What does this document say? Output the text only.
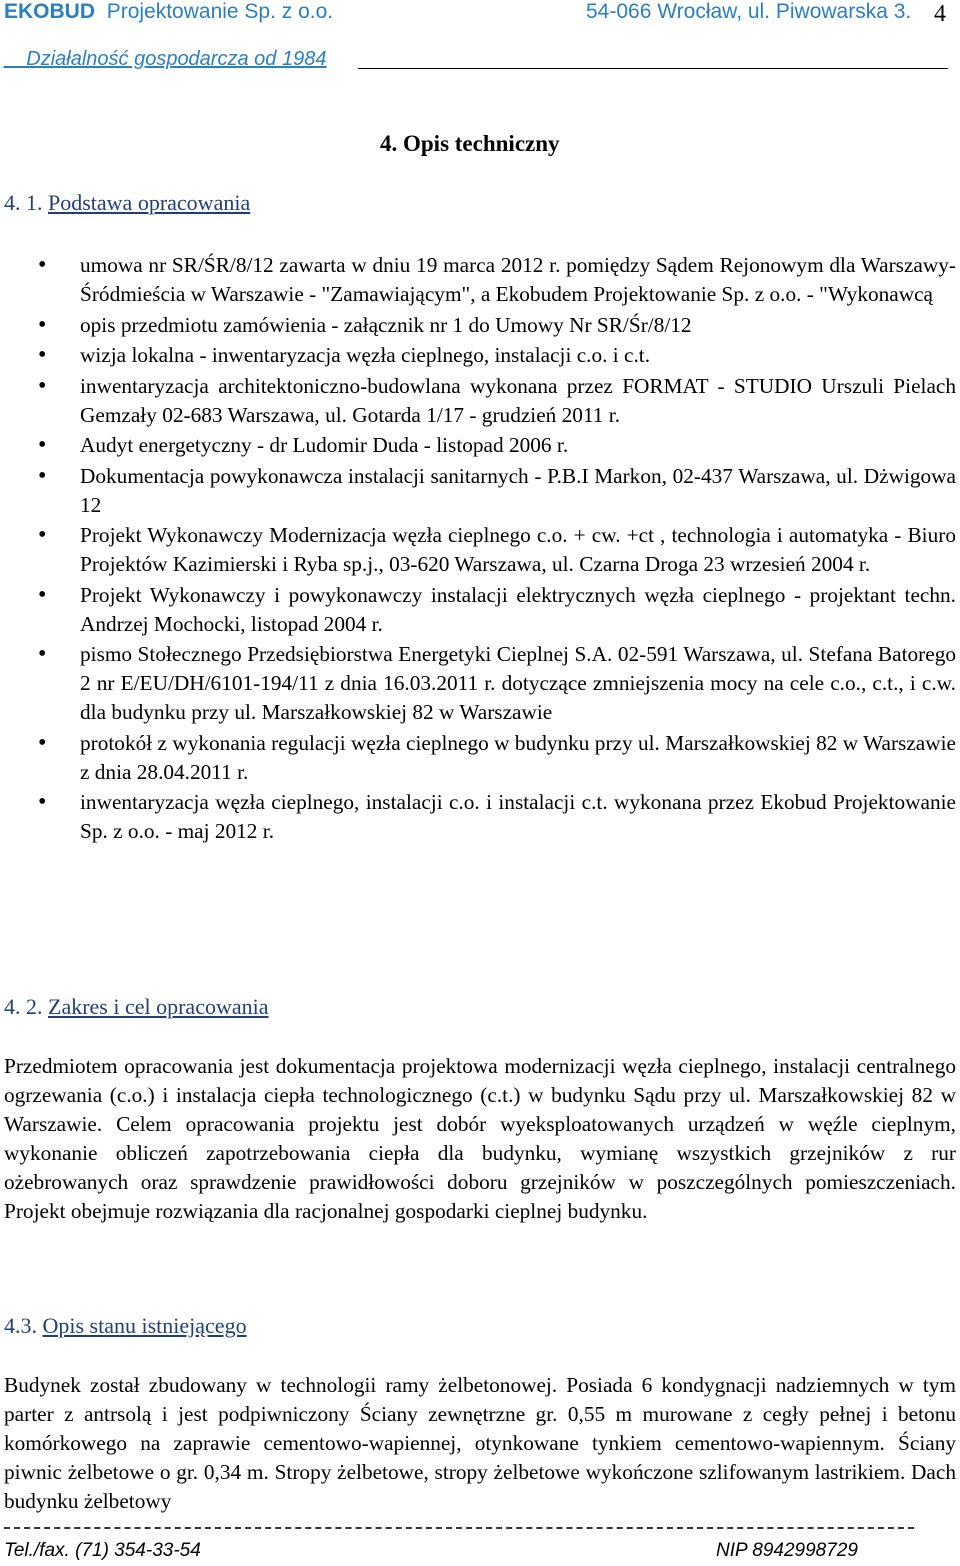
EKOBUD Projektowanie Sp. z o.o.	54-066 Wrocław, ul. Piwowarska 3. 4
__Działalność gospodarcza od 1984
4. Opis techniczny
4. 1. Podstawa opracowania
• umowa nr SR/ŚR/8/12 zawarta w dniu 19 marca 2012 r. pomiędzy Sądem Rejonowym dla Warszawy-Śródmieścia w Warszawie - "Zamawiającym", a Ekobudem Projektowanie Sp. z o.o. - "Wykonawcą
• opis przedmiotu zamówienia - załącznik nr 1 do Umowy Nr SR/Śr/8/12
• wizja lokalna - inwentaryzacja węzła cieplnego, instalacji c.o. i c.t.
• inwentaryzacja architektoniczno-budowlana wykonana przez FORMAT - STUDIO Urszuli Pielach Gemzały 02-683 Warszawa, ul. Gotarda 1/17 - grudzień 2011 r.
• Audyt energetyczny - dr Ludomir Duda - listopad 2006 r.
• Dokumentacja powykonawcza instalacji sanitarnych - P.B.I Markon, 02-437 Warszawa, ul. Dżwigowa 12
• Projekt Wykonawczy Modernizacja węzła cieplnego c.o. + cw. +ct , technologia i automatyka - Biuro Projektów Kazimierski i Ryba sp.j., 03-620 Warszawa, ul. Czarna Droga 23 wrzesień 2004 r.
• Projekt Wykonawczy i powykonawczy instalacji elektrycznych węzła cieplnego - projektant techn. Andrzej Mochocki, listopad 2004 r.
• pismo Stołecznego Przedsiębiorstwa Energetyki Cieplnej S.A. 02-591 Warszawa, ul. Stefana Batorego 2 nr E/EU/DH/6101-194/11 z dnia 16.03.2011 r. dotyczące zmniejszenia mocy na cele c.o., c.t., i c.w. dla budynku przy ul. Marszałkowskiej 82 w Warszawie
• protokół z wykonania regulacji węzła cieplnego w budynku przy ul. Marszałkowskiej 82 w Warszawie z dnia 28.04.2011 r.
• inwentaryzacja węzła cieplnego, instalacji c.o. i instalacji c.t. wykonana przez Ekobud Projektowanie Sp. z o.o. - maj 2012 r.
4. 2. Zakres i cel opracowania

Przedmiotem opracowania jest dokumentacja projektowa modernizacji węzła cieplnego, instalacji centralnego ogrzewania (c.o.) i instalacja ciepła technologicznego (c.t.) w budynku Sądu przy ul. Marszałkowskiej 82 w Warszawie. Celem opracowania projektu jest dobór wyeksploatowanych urządzeń w węźle cieplnym, wykonanie obliczeń zapotrzebowania ciepła dla budynku, wymianę wszystkich grzejników z rur ożebrowanych oraz sprawdzenie prawidłowości doboru grzejników w poszczególnych pomieszczeniach. Projekt obejmuje rozwiązania dla racjonalnej gospodarki cieplnej budynku.

4.3. Opis stanu istniejącego

Budynek został zbudowany w technologii ramy żelbetonowej. Posiada 6 kondygnacji nadziemnych w tym parter z antrsolą i jest podpiwniczony Ściany zewnętrzne gr. 0,55 m murowane z cegły pełnej i betonu komórkowego na zaprawie cementowo-wapiennej, otynkowane tynkiem cementowo-wapiennym. Ściany piwnic żelbetowe o gr. 0,34 m. Stropy żelbetowe, stropy żelbetowe wykończone szlifowanym lastrikiem. Dach budynku żelbetowy

Tel./fax. (71) 354-33-54	NIP 8942998729
